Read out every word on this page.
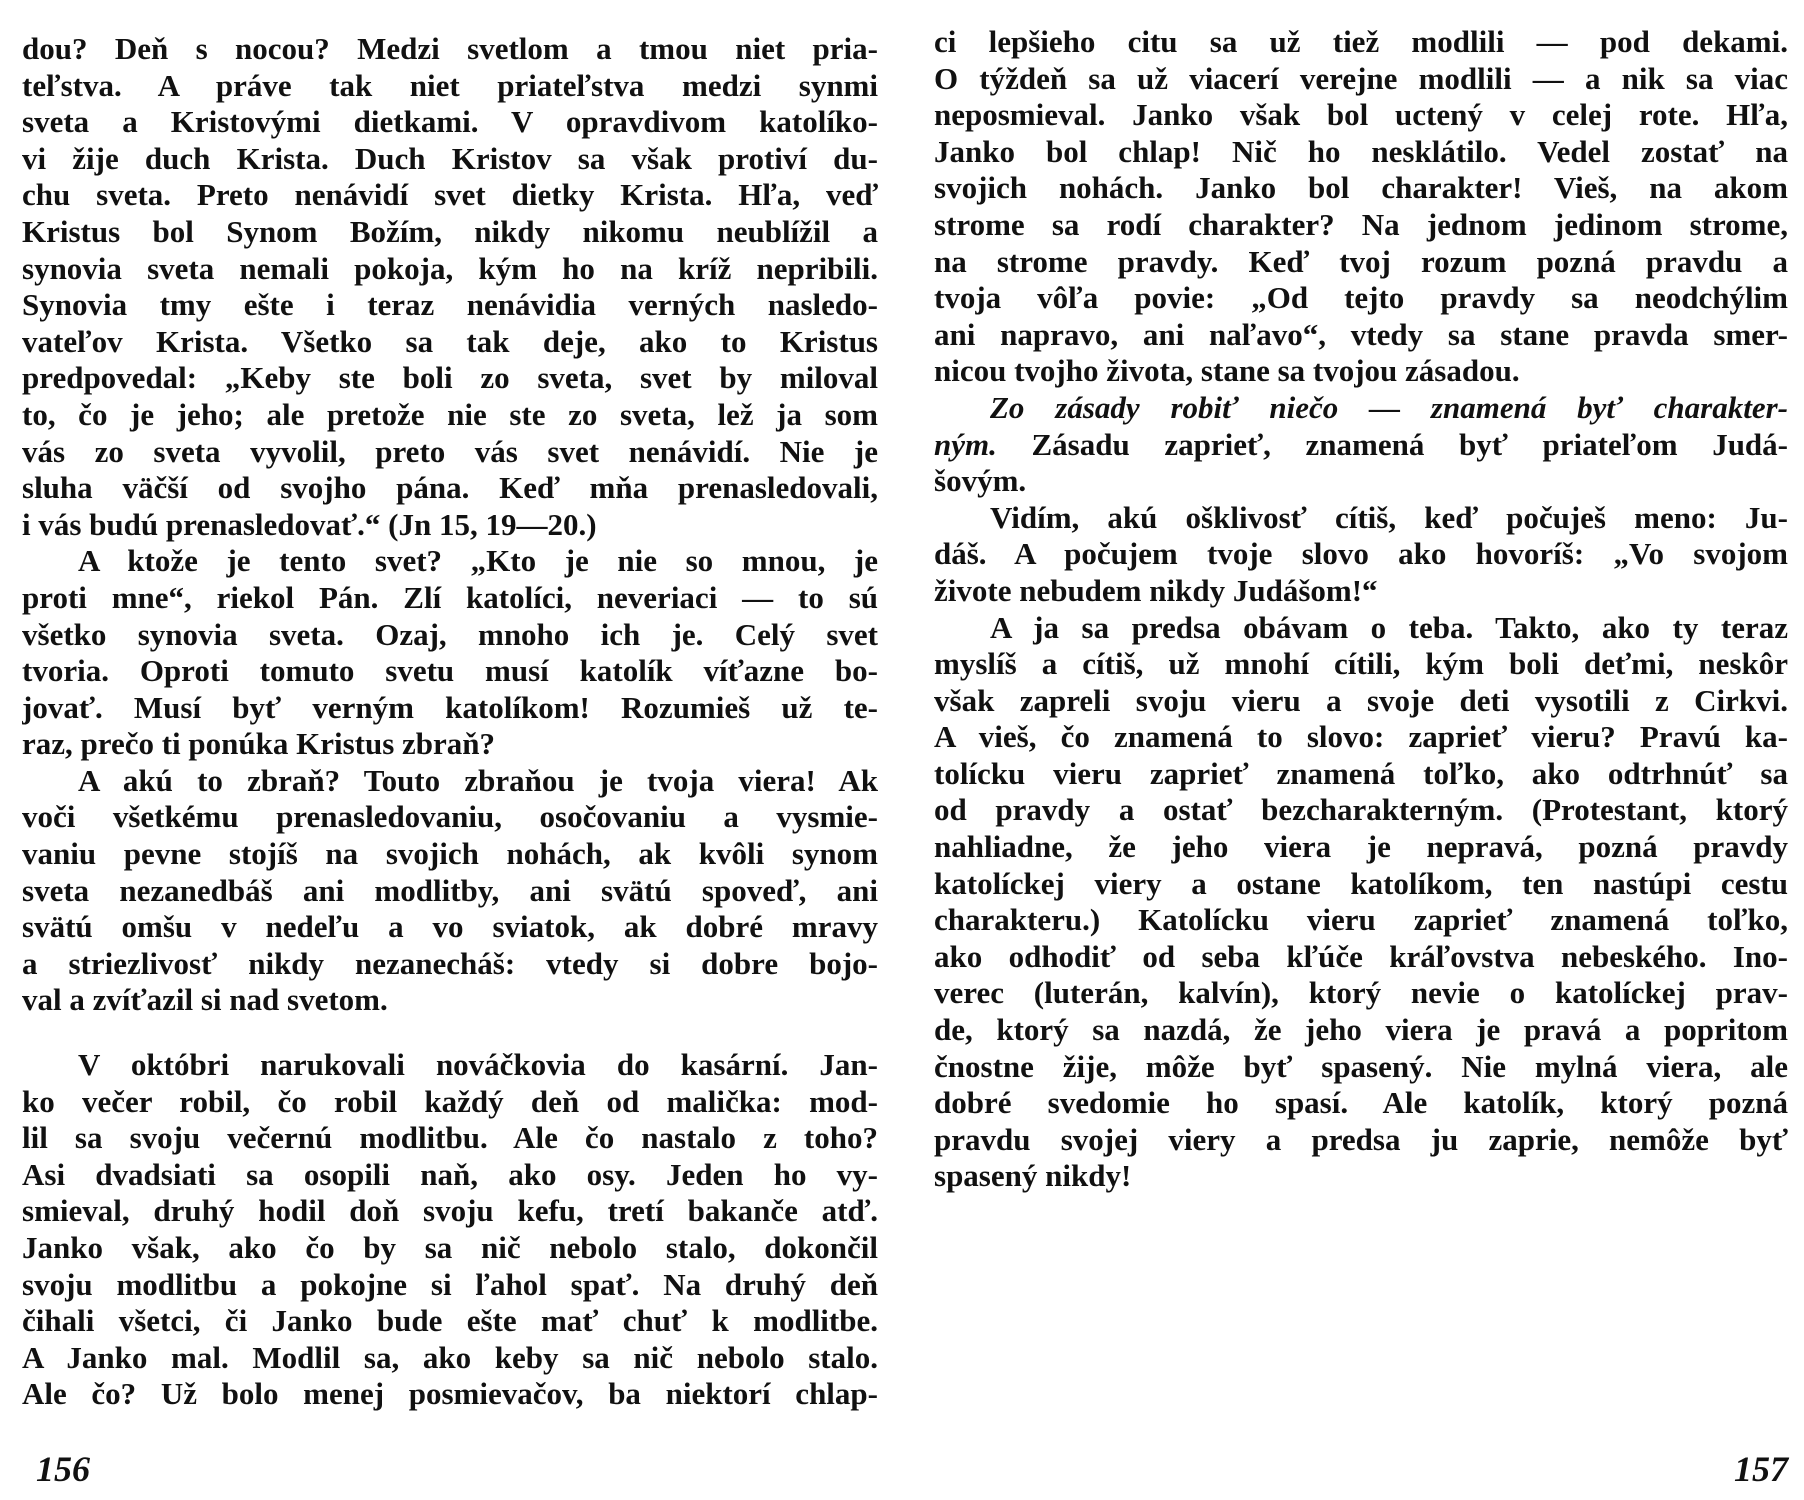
dou? Deň s nocou? Medzi svetlom a tmou niet pria-
teľstva. A práve tak niet priateľstva medzi synmi
sveta a Kristovými dietkami. V opravdivom katolíko-
vi žije duch Krista. Duch Kristov sa však protiví du-
chu sveta. Preto nenávidí svet dietky Krista. Hľa, veď
Kristus bol Synom Božím, nikdy nikomu neublížil a
synovia sveta nemali pokoja, kým ho na kríž nepribili.
Synovia tmy ešte i teraz nenávidia verných nasledo-
vateľov Krista. Všetko sa tak deje, ako to Kristus
predpovedal: „Keby ste boli zo sveta, svet by miloval
to, čo je jeho; ale pretože nie ste zo sveta, lež ja som
vás zo sveta vyvolil, preto vás svet nenávidí. Nie je
sluha väčší od svojho pána. Keď mňa prenasledovali,
i vás budú prenasledovať.“ (Jn 15, 19—20.)
A ktože je tento svet? „Kto je nie so mnou, je
proti mne“, riekol Pán. Zlí katolíci, neveriaci — to sú
všetko synovia sveta. Ozaj, mnoho ich je. Celý svet
tvoria. Oproti tomuto svetu musí katolík víťazne bo-
jovať. Musí byť verným katolíkom! Rozumieš už te-
raz, prečo ti ponúka Kristus zbraň?
A akú to zbraň? Touto zbraňou je tvoja viera! Ak
voči všetkému prenasledovaniu, osočovaniu a vysmie-
vaniu pevne stojíš na svojich nohách, ak kvôli synom
sveta nezanedbáš ani modlitby, ani svätú spoveď, ani
svätú omšu v nedeľu a vo sviatok, ak dobré mravy
a striezlivosť nikdy nezanecháš: vtedy si dobre bojo-
val a zvíťazil si nad svetom.
V októbri narukovali nováčkovia do kasární. Jan-
ko večer robil, čo robil každý deň od malička: mod-
lil sa svoju večernú modlitbu. Ale čo nastalo z toho?
Asi dvadsiati sa osopili naň, ako osy. Jeden ho vy-
smieval, druhý hodil doň svoju kefu, tretí bakanče atď.
Janko však, ako čo by sa nič nebolo stalo, dokončil
svoju modlitbu a pokojne si ľahol spať. Na druhý deň
čihali všetci, či Janko bude ešte mať chuť k modlitbe.
A Janko mal. Modlil sa, ako keby sa nič nebolo stalo.
Ale čo? Už bolo menej posmievačov, ba niektorí chlap-
ci lepšieho citu sa už tiež modlili — pod dekami.
O týždeň sa už viacerí verejne modlili — a nik sa viac
neposmieval. Janko však bol uctený v celej rote. Hľa,
Janko bol chlap! Nič ho nesklátilo. Vedel zostať na
svojich nohách. Janko bol charakter! Vieš, na akom
strome sa rodí charakter? Na jednom jedinom strome,
na strome pravdy. Keď tvoj rozum pozná pravdu a
tvoja vôľa povie: „Od tejto pravdy sa neodchýlim
ani napravo, ani naľavo“, vtedy sa stane pravda smer-
nicou tvojho života, stane sa tvojou zásadou.
Zo zásady robiť niečo — znamená byť charakter-
ným. Zásadu zaprieť, znamená byť priateľom Judá-
šovým.
Vidím, akú ošklivosť cítiš, keď počuješ meno: Ju-
dáš. A počujem tvoje slovo ako hovoríš: „Vo svojom
živote nebudem nikdy Judášom!“
A ja sa predsa obávam o teba. Takto, ako ty teraz
myslíš a cítiš, už mnohí cítili, kým boli deťmi, neskôr
však zapreli svoju vieru a svoje deti vysotili z Cirkvi.
A vieš, čo znamená to slovo: zaprieť vieru? Pravú ka-
tolícku vieru zaprieť znamená toľko, ako odtrhnúť sa
od pravdy a ostať bezcharakterným. (Protestant, ktorý
nahliadne, že jeho viera je nepravá, pozná pravdy
katolíckej viery a ostane katolíkom, ten nastúpi cestu
charakteru.) Katolícku vieru zaprieť znamená toľko,
ako odhodiť od seba kľúče kráľovstva nebeského. Ino-
verec (luterán, kalvín), ktorý nevie o katolíckej prav-
de, ktorý sa nazdá, že jeho viera je pravá a popritom
čnostne žije, môže byť spasený. Nie mylná viera, ale
dobré svedomie ho spasí. Ale katolík, ktorý pozná
pravdu svojej viery a predsa ju zaprie, nemôže byť
spasený nikdy!
156	157
